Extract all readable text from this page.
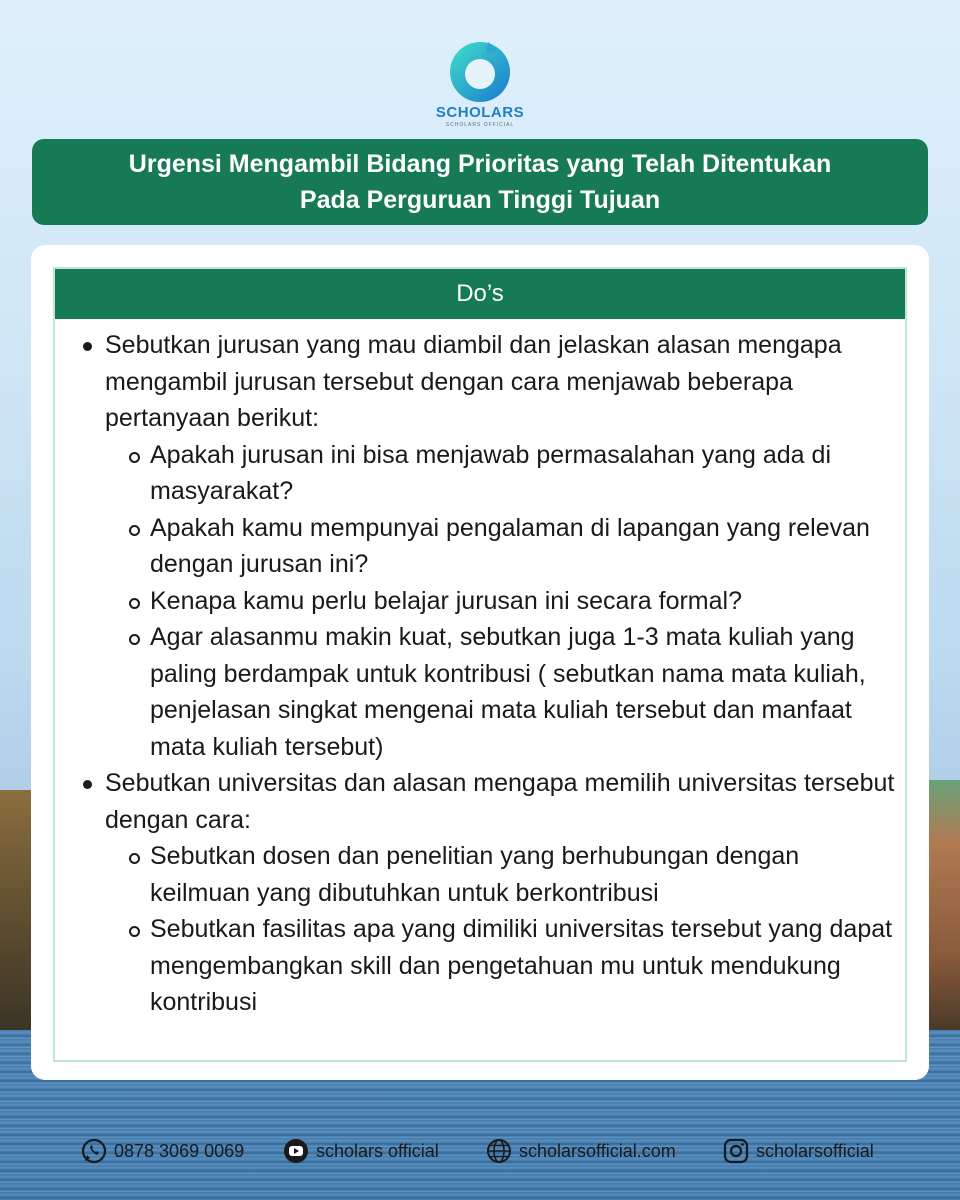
SCHOLARS
SCHOLARS OFFICIAL
Urgensi Mengambil Bidang Prioritas yang Telah Ditentukan
Pada Perguruan Tinggi Tujuan
Do’s
Sebutkan jurusan yang mau diambil dan jelaskan alasan mengapa mengambil jurusan tersebut dengan cara menjawab beberapa pertanyaan berikut:
Apakah jurusan ini bisa menjawab permasalahan yang ada di masyarakat?
Apakah kamu mempunyai pengalaman di lapangan yang relevan dengan jurusan ini?
Kenapa kamu perlu belajar jurusan ini secara formal?
Agar alasanmu makin kuat, sebutkan juga 1-3 mata kuliah yang paling berdampak untuk kontribusi ( sebutkan nama mata kuliah, penjelasan singkat mengenai mata kuliah tersebut dan manfaat mata kuliah tersebut)
Sebutkan universitas dan alasan mengapa memilih universitas tersebut dengan cara:
Sebutkan dosen dan penelitian yang berhubungan dengan keilmuan yang dibutuhkan untuk berkontribusi
Sebutkan fasilitas apa yang dimiliki universitas tersebut yang dapat mengembangkan skill dan pengetahuan mu untuk mendukung kontribusi
0878 3069 0069	scholars official	scholarsofficial.com	scholarsofficial
